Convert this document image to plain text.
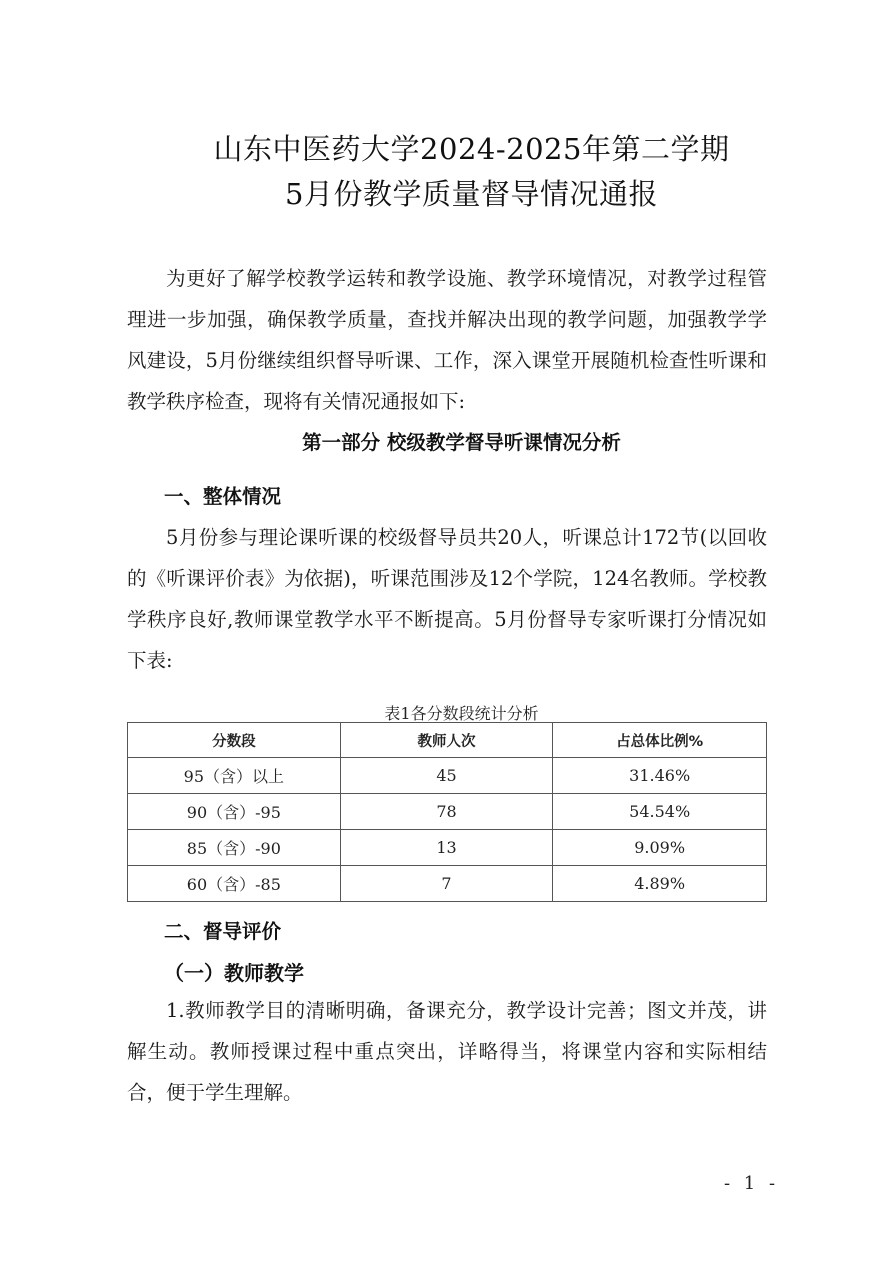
山东中医药大学2024-2025年第二学期
5月份教学质量督导情况通报

为更好了解学校教学运转和教学设施、教学环境情况，对教学过程管理进一步加强，确保教学质量，查找并解决出现的教学问题，加强教学学风建设，5月份继续组织督导听课、工作，深入课堂开展随机检查性听课和教学秩序检查，现将有关情况通报如下:

第一部分 校级教学督导听课情况分析
一、整体情况

5月份参与理论课听课的校级督导员共20人，听课总计172节(以回收的《听课评价表》为依据)，听课范围涉及12个学院，124名教师。学校教学秩序良好,教师课堂教学水平不断提高。5月份督导专家听课打分情况如下表:

表1各分数段统计分析
分数段	教师人次	占总体比例%
95（含）以上	45	31.46%
90（含）-95	78	54.54%
85（含）-90	13	9.09%
60（含）-85	7	4.89%
二、督导评价
（一）教师教学

1.教师教学目的清晰明确，备课充分，教学设计完善；图文并茂，讲解生动。教师授课过程中重点突出，详略得当，将课堂内容和实际相结合，便于学生理解。

- 1 -
